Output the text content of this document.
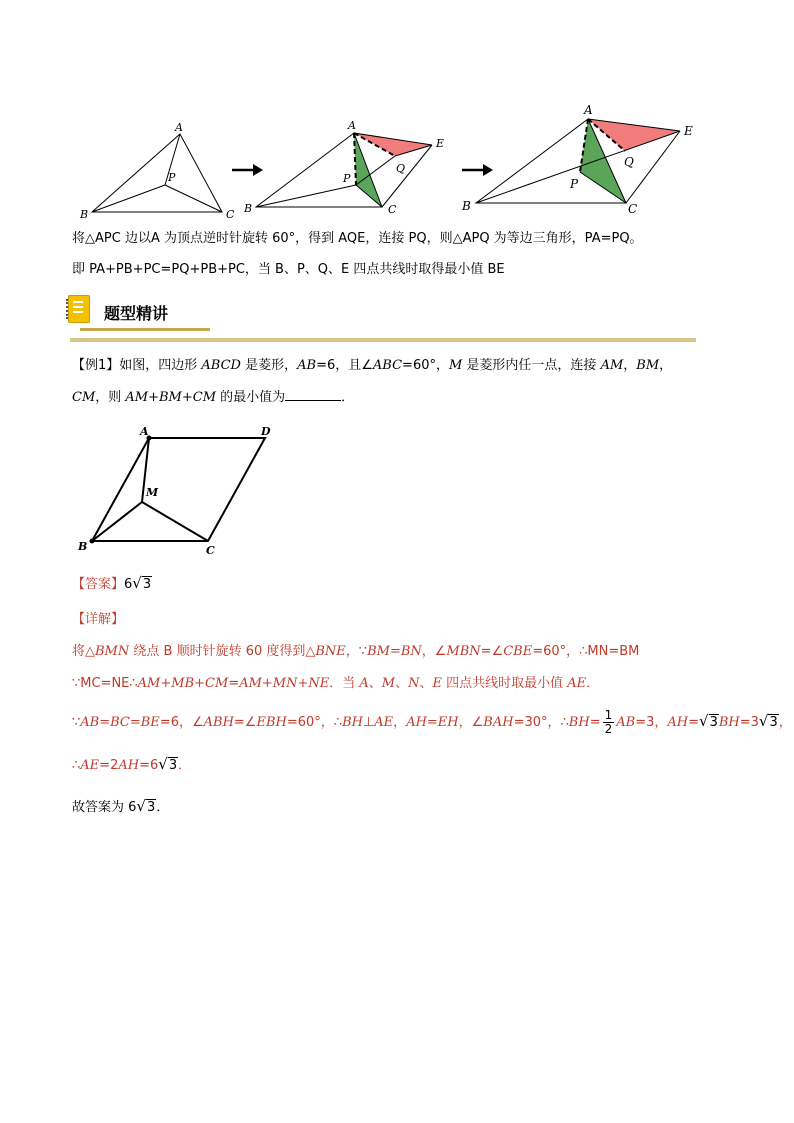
A
P
B	C
A
P
B	C
Q
E
A
P
B	C
Q
E
将△APC 边以A 为顶点逆时针旋转 60°，得到 AQE，连接 PQ，则△APQ 为等边三角形，PA=PQ。
即 PA+PB+PC=PQ+PB+PC，当 B、P、Q、E 四点共线时取得最小值 BE
题型精讲
【例1】如图，四边形 ABCD 是菱形，AB=6，且∠ABC=60°，M 是菱形内任一点，连接 AM，BM，
CM，则 AM+BM+CM 的最小值为	．
A	D
M
B	C
【答案】6√3
【详解】
将△BMN 绕点 B 顺时针旋转 60 度得到△BNE，∵BM=BN，∠MBN=∠CBE=60°，∴MN=BM
∵MC=NE∴AM+MB+CM=AM+MN+NE．当 A、M、N、E 四点共线时取最小值 AE．
∵AB=BC=BE=6，∠ABH=∠EBH=60°，∴BH⊥AE，AH=EH，∠BAH=30°，∴BH= $\frac{1}{2} AB=3$，AH=√3BH=3√3，
∴AE=2AH=6√3．
故答案为 6√3．
